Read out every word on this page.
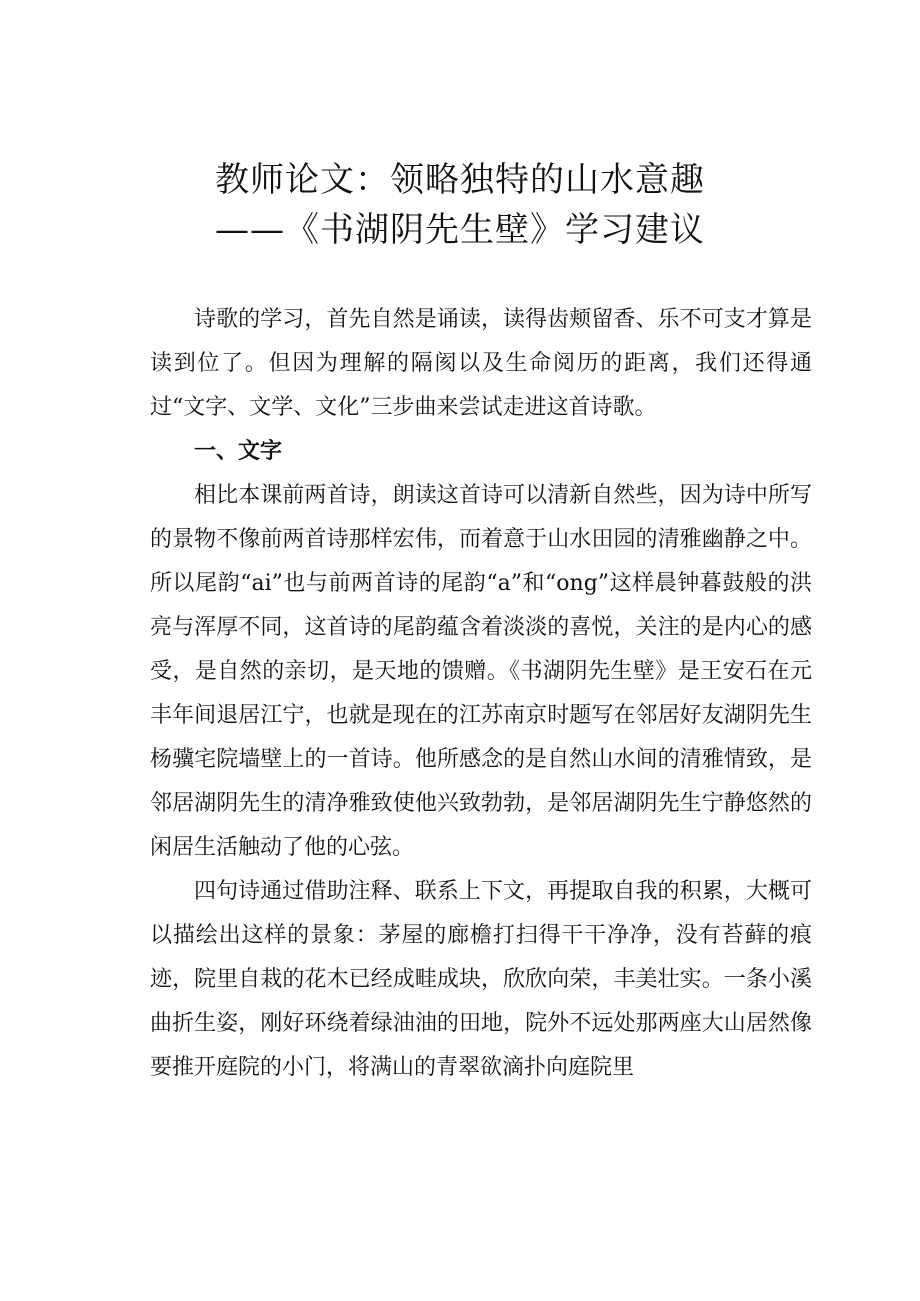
教师论文：领略独特的山水意趣
——《书湖阴先生壁》学习建议

诗歌的学习，首先自然是诵读，读得齿颊留香、乐不可支才算是读到位了。但因为理解的隔阂以及生命阅历的距离，我们还得通过“文字、文学、文化”三步曲来尝试走进这首诗歌。

一、文字

相比本课前两首诗，朗读这首诗可以清新自然些，因为诗中所写的景物不像前两首诗那样宏伟，而着意于山水田园的清雅幽静之中。所以尾韵“ai”也与前两首诗的尾韵“a”和“ong”这样晨钟暮鼓般的洪亮与浑厚不同，这首诗的尾韵蕴含着淡淡的喜悦，关注的是内心的感受，是自然的亲切，是天地的馈赠。《书湖阴先生壁》是王安石在元丰年间退居江宁，也就是现在的江苏南京时题写在邻居好友湖阴先生杨骥宅院墙壁上的一首诗。他所感念的是自然山水间的清雅情致，是邻居湖阴先生的清净雅致使他兴致勃勃，是邻居湖阴先生宁静悠然的闲居生活触动了他的心弦。

四句诗通过借助注释、联系上下文，再提取自我的积累，大概可以描绘出这样的景象：茅屋的廊檐打扫得干干净净，没有苔藓的痕迹，院里自栽的花木已经成畦成块，欣欣向荣，丰美壮实。一条小溪曲折生姿，刚好环绕着绿油油的田地，院外不远处那两座大山居然像要推开庭院的小门，将满山的青翠欲滴扑向庭院里
